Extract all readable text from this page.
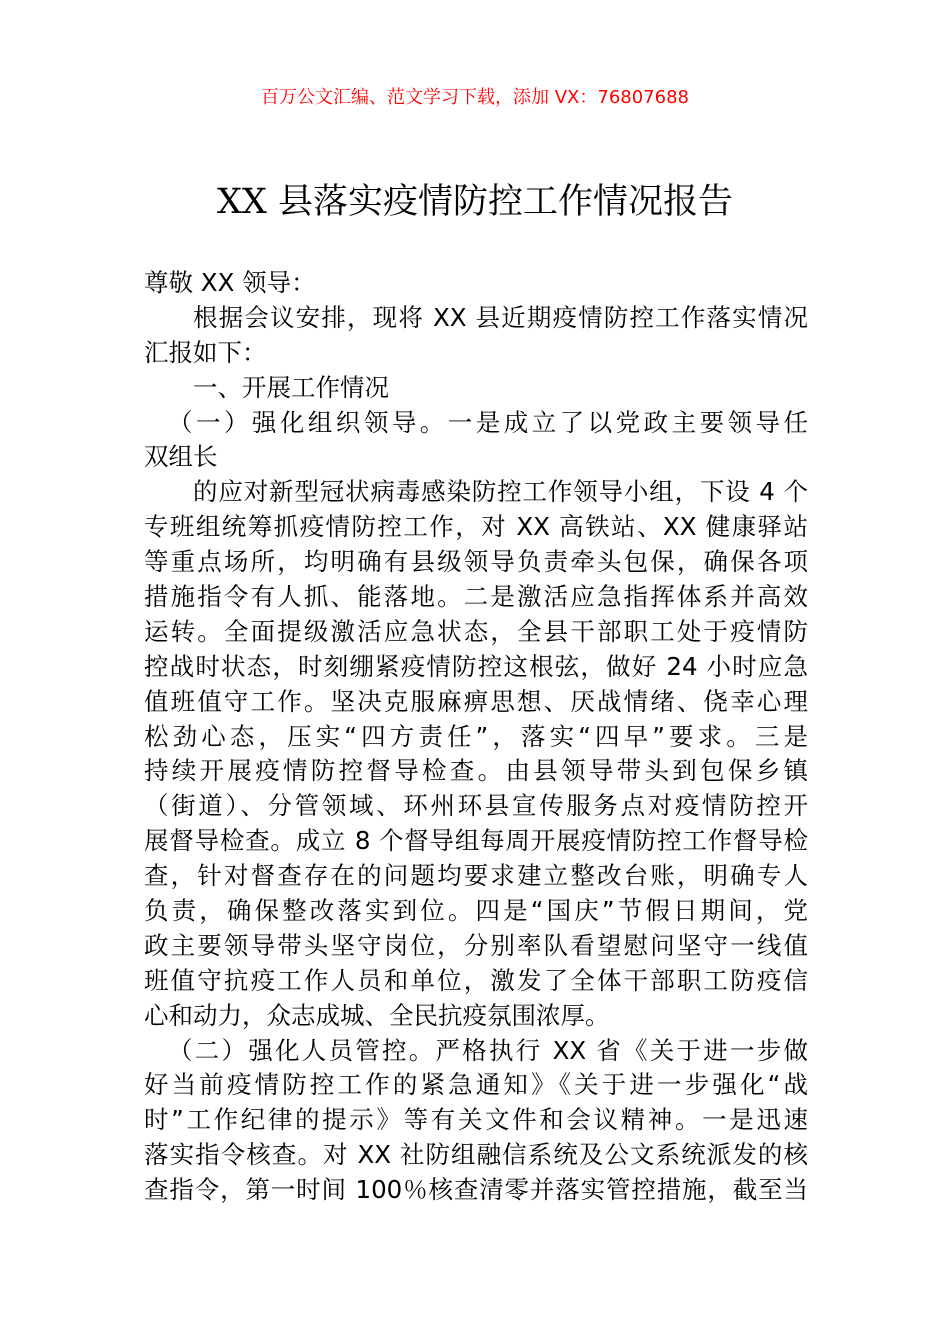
百万公文汇编、范文学习下载，添加 VX：76807688
XX 县落实疫情防控工作情况报告
尊敬 XX 领导：
根据会议安排，现将 XX 县近期疫情防控工作落实情况
汇报如下：
一、开展工作情况
（一）强化组织领导。一是成立了以党政主要领导任
双组长
的应对新型冠状病毒感染防控工作领导小组，下设 4 个
专班组统筹抓疫情防控工作，对 XX 高铁站、XX 健康驿站
等重点场所，均明确有县级领导负责牵头包保，确保各项
措施指令有人抓、能落地。二是激活应急指挥体系并高效
运转。全面提级激活应急状态，全县干部职工处于疫情防
控战时状态，时刻绷紧疫情防控这根弦，做好 24 小时应急
值班值守工作。坚决克服麻痹思想、厌战情绪、侥幸心理
松劲心态，压实“四方责任”，落实“四早”要求。三是
持续开展疫情防控督导检查。由县领导带头到包保乡镇
（街道）、分管领域、环州环县宣传服务点对疫情防控开
展督导检查。成立 8 个督导组每周开展疫情防控工作督导检
查，针对督查存在的问题均要求建立整改台账，明确专人
负责，确保整改落实到位。四是“国庆”节假日期间，党
政主要领导带头坚守岗位，分别率队看望慰问坚守一线值
班值守抗疫工作人员和单位，激发了全体干部职工防疫信
心和动力，众志成城、全民抗疫氛围浓厚。
（二）强化人员管控。严格执行 XX 省《关于进一步做
好当前疫情防控工作的紧急通知》《关于进一步强化“战
时”工作纪律的提示》等有关文件和会议精神。一是迅速
落实指令核查。对 XX 社防组融信系统及公文系统派发的核
查指令，第一时间 100％核查清零并落实管控措施，截至当
